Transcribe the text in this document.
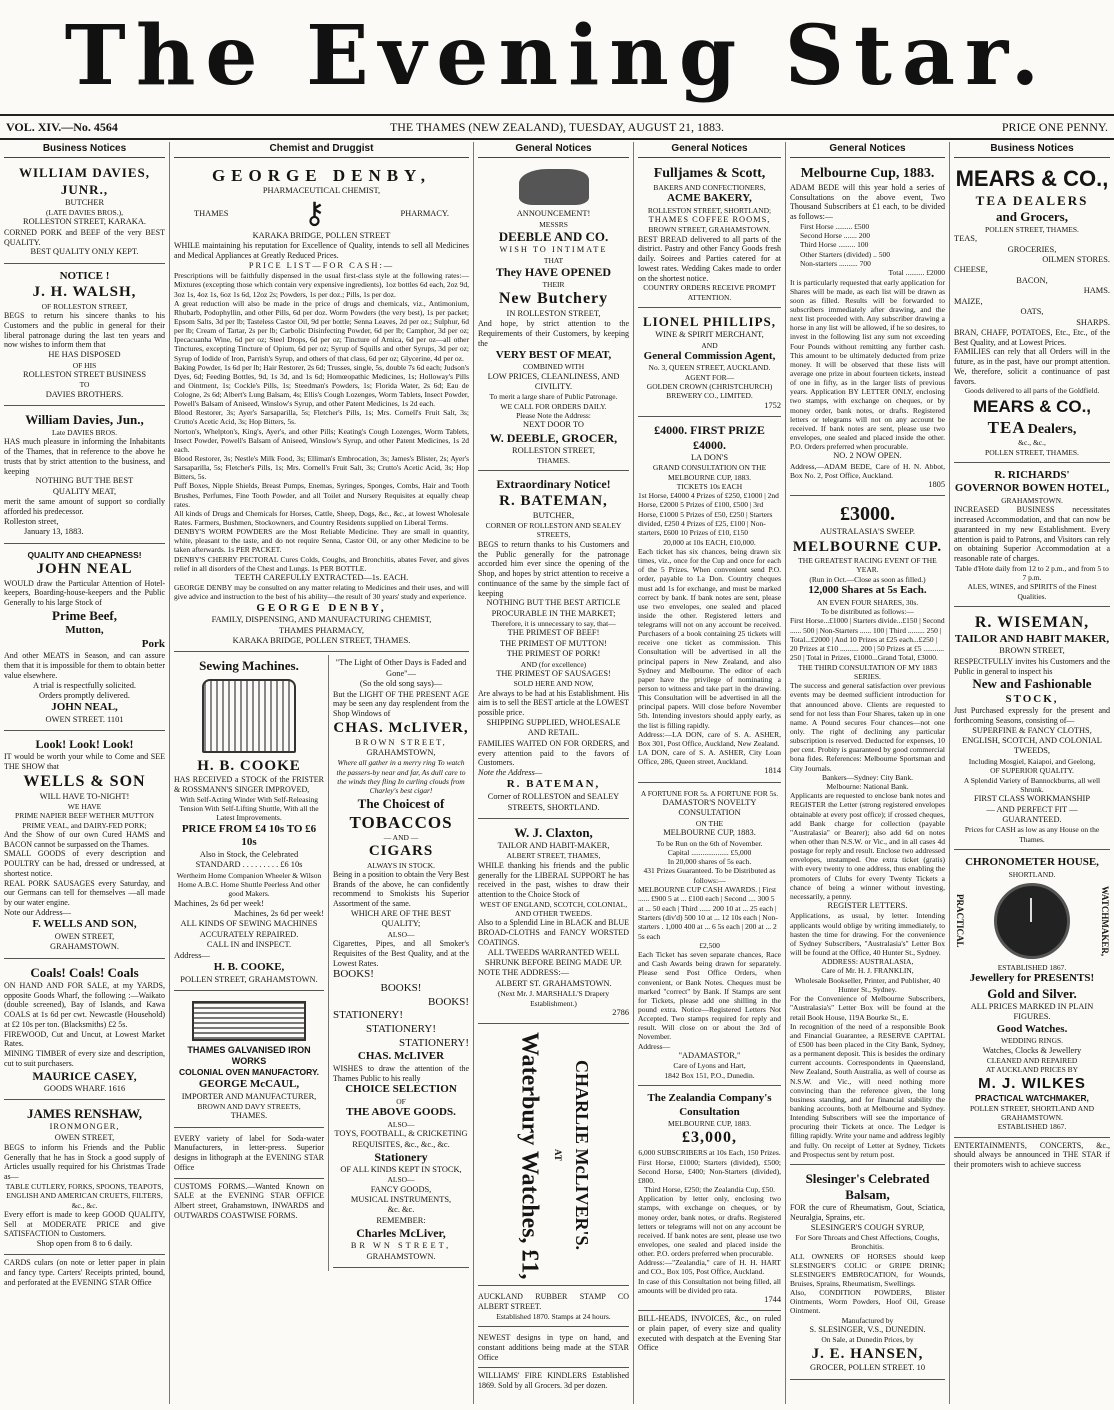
The Evening Star.
VOL. XIV.—No. 4564	THE THAMES (NEW ZEALAND), TUESDAY, AUGUST 21, 1883.	PRICE ONE PENNY.
Business Notices
WILLIAM DAVIES, JUNR.,
BUTCHER
(LATE DAVIES BROS.),
ROLLESTON STREET, KARAKA.
CORNED PORK and BEEF of the very BEST QUALITY.
BEST QUALITY ONLY KEPT.
NOTICE !
J. H. WALSH,
OF ROLLESTON STREET,
BEGS to return his sincere thanks to his Customers and the public in general for their liberal patronage during the last ten years and now wishes to inform them that
HE HAS DISPOSED
OF HIS
ROLLESTON STREET BUSINESS
TO
DAVIES BROTHERS.
William Davies, Jun.,
Late DAVIES BROS.
HAS much pleasure in informing the Inhabitants of the Thames, that in reference to the above he trusts that by strict attention to the business, and keeping
NOTHING BUT THE BEST
QUALITY MEAT,
merit the same amount of support so cordially afforded his predecessor.
Rolleston street,
January 13, 1883.
QUALITY AND CHEAPNESS!
JOHN NEAL
WOULD draw the Particular Attention of Hotel-keepers, Boarding-house-keepers and the Public Generally to his large Stock of
Prime Beef,
Mutton,
Pork
And other MEATS in Season, and can assure them that it is impossible for them to obtain better value elsewhere.
A trial is respectfully solicited.
Orders promptly delivered.
JOHN NEAL,
OWEN STREET. 1101
Look! Look! Look!
IT would be worth your while to Come and SEE THE SHOW that
WELLS & SON
WILL HAVE TO-NIGHT!
WE HAVE
PRIME NAPIER BEEF WETHER MUTTON PRIME VEAL, and DAIRY-FED PORK;
And the Show of our own Cured HAMS and BACON cannot be surpassed on the Thames.
SMALL GOODS of every description and POULTRY can be had, dressed or undressed, at shortest notice.
REAL PORK SAUSAGES every Saturday, and our Germans can tell for themselves —all made by our water engine.
Note our Address—
F. WELLS AND SON,
OWEN STREET,
GRAHAMSTOWN.
Coals! Coals! Coals
ON HAND AND FOR SALE, at my YARDS, opposite Goods Wharf, the following :—Waikato (double screened), Bay of Islands, and Kawa COALS at 1s 6d per cwt. Newcastle (Household) at £2 10s per ton. (Blacksmiths) £2 5s.
FIREWOOD, Cut and Uncut, at Lowest Market Rates.
MINING TIMBER of every size and description, cut to suit purchasers.
MAURICE CASEY,
GOODS WHARF. 1616
JAMES RENSHAW,
IRONMONGER,
OWEN STREET,
BEGS to inform his Friends and the Public Generally that he has in Stock a good supply of Articles usually required for his Christmas Trade as—
TABLE CUTLERY, FORKS, SPOONS, TEAPOTS, ENGLISH AND AMERICAN CRUETS, FILTERS, &c., &c.
Every effort is made to keep GOOD QUALITY, Sell at MODERATE PRICE and give SATISFACTION to Customers.
Shop open from 8 to 6 daily.
CARDS culars (on note or letter paper in plain and fancy type. Carters' Receipts printed, bound, and perforated at the EVENING STAR Office
Chemist and Druggist
GEORGE DENBY,
PHARMACEUTICAL CHEMIST,
THAMES	⚷	PHARMACY.
KARAKA BRIDGE, POLLEN STREET
WHILE maintaining his reputation for Excellence of Quality, intends to sell all Medicines and Medical Appliances at Greatly Reduced Prices.
PRICE LIST—FOR CASH:—
Prescriptions will be faithfully dispensed in the usual first-class style at the following rates:—Mixtures (excepting those which contain very expensive ingredients), 1oz bottles 6d each, 2oz 9d, 3oz 1s, 4oz 1s, 6oz 1s 6d, 12oz 2s; Powders, 1s per doz.; Pills, 1s per doz.
A great reduction will also be made in the price of drugs and chemicals, viz., Antimonium, Rhubarb, Podophyllin, and other Pills, 6d per doz. Worm Powders (the very best), 1s per packet; Epsom Salts, 3d per lb; Tasteless Castor Oil, 9d per bottle; Senna Leaves, 2d per oz.; Sulphur, 6d per lb; Cream of Tartar, 2s per lb; Carbolic Disinfecting Powder, 6d per lb; Camphor, 3d per oz; Ipecacuanha Wine, 6d per oz; Steel Drops, 6d per oz; Tincture of Arnica, 6d per oz—all other Tinctures, excepting Tincture of Opium, 6d per oz; Syrup of Squills and other Syrups, 3d per oz; Syrup of Iodide of Iron, Parrish's Syrup, and others of that class, 6d per oz; Glycerine, 4d per oz.
Baking Powder, 1s 6d per lb; Hair Restorer, 2s 6d; Trusses, single, 5s, double 7s 6d each; Judson's Dyes, 6d; Feeding Bottles, 9d, 1s 3d, and 1s 6d; Homœopathic Medicines, 1s; Holloway's Pills and Ointment, 1s; Cockle's Pills, 1s; Steedman's Powders, 1s; Florida Water, 2s 6d; Eau de Cologne, 2s 6d; Albert's Lung Balsam, 4s; Ellis's Cough Lozenges, Worm Tablets, Insect Powder, Powell's Balsam of Aniseed, Winslow's Syrup, and other Patent Medicines, 1s 2d each.
Blood Restorer, 3s; Ayer's Sarsaparilla, 5s; Fletcher's Pills, 1s; Mrs. Cornell's Fruit Salt, 3s; Crutto's Acetic Acid, 3s; Hop Bitters, 5s.
Norton's, Whelpton's, King's, Ayer's, and other Pills; Keating's Cough Lozenges, Worm Tablets, Insect Powder, Powell's Balsam of Aniseed, Winslow's Syrup, and other Patent Medicines, 1s 2d each.
Blood Restorer, 3s; Nestle's Milk Food, 3s; Elliman's Embrocation, 3s; James's Blister, 2s; Ayer's Sarsaparilla, 5s; Fletcher's Pills, 1s; Mrs. Cornell's Fruit Salt, 3s; Crutto's Acetic Acid, 3s; Hop Bitters, 5s.
Puff Boxes, Nipple Shields, Breast Pumps, Enemas, Syringes, Sponges, Combs, Hair and Tooth Brushes, Perfumes, Fine Tooth Powder, and all Toilet and Nursery Requisites at equally cheap rates.
All kinds of Drugs and Chemicals for Horses, Cattle, Sheep, Dogs, &c., &c., at lowest Wholesale Rates. Farmers, Bushmen, Stockowners, and Country Residents supplied on Liberal Terms.
DENBY'S WORM POWDERS are the Most Reliable Medicine. They are small in quantity, white, pleasant to the taste, and do not require Senna, Castor Oil, or any other Medicine to be taken afterwards. 1s PER PACKET.
DENBY'S CHERRY PECTORAL Cures Colds, Coughs, and Bronchitis, abates Fever, and gives relief in all disorders of the Chest and Lungs. 1s PER BOTTLE.
TEETH CAREFULLY EXTRACTED—1s. EACH.
GEORGE DENBY may be consulted on any matter relating to Medicines and their uses, and will give advice and instruction to the best of his ability—the result of 30 years' study and experience.
GEORGE DENBY,
FAMILY, DISPENSING, AND MANUFACTURING CHEMIST,
THAMES PHARMACY,
KARAKA BRIDGE, POLLEN STREET, THAMES.
Sewing Machines.
H. B. COOKE
HAS RECEIVED a STOCK of the FRISTER & ROSSMANN'S SINGER IMPROVED,
With Self-Acting Winder With Self-Releasing Tension With Self-Lifting Shuttle, With all the Latest Improvements.
PRICE FROM £4 10s TO £6 10s
Also in Stock, the Celebrated
STANDARD . . . . . . . . . £6 10s
Wertheim Home Companion Wheeler & Wilson Home A.B.C. Home Shuttle Peerless And other good Makers.
Machines, 2s 6d per week!
Machines, 2s 6d per week!
ALL KINDS OF SEWING MACHINES ACCURATELY REPAIRED.
CALL IN and INSPECT.
Address—
H. B. COOKE,
POLLEN STREET, GRAHAMSTOWN.
THAMES GALVANISED IRON WORKS
COLONIAL OVEN MANUFACTORY.
GEORGE McCAUL,
IMPORTER AND MANUFACTURER,
BROWN AND DAVY STREETS,
THAMES.
EVERY variety of label for Soda-water Manufacturers, in letter-press. Superior designs in lithograph at the EVENING STAR Office
CUSTOMS FORMS.—Wanted Known on SALE at the EVENING STAR OFFICE Albert street, Grahamstown, INWARDS and OUTWARDS COASTWISE FORMS.
"The Light of Other Days is Faded and Gone"—
(So the old song says)—
But the LIGHT OF THE PRESENT AGE may be seen any day resplendent from the Shop Windows of
CHAS. McLIVER,
BROWN STREET,
GRAHAMSTOWN,
Where all gather in a merry ring To watch the passers-by near and far, As dull care to the winds they fling In curling clouds from Charley's best cigar!
The Choicest of
TOBACCOS
— AND —
CIGARS
ALWAYS IN STOCK.
Being in a position to obtain the Very Best Brands of the above, he can confidently recommend to Smokists his Superior Assortment of the same.
WHICH ARE OF THE BEST QUALITY;
ALSO—
Cigarettes, Pipes, and all Smoker's Requisites of the Best Quality, and at the Lowest Rates.
BOOKS!
BOOKS!
BOOKS!
STATIONERY!
STATIONERY!
STATIONERY!
CHAS. McLIVER
WISHES to draw the attention of the Thames Public to his really
CHOICE SELECTION
OF
THE ABOVE GOODS.
ALSO—
TOYS, FOOTBALL, & CRICKETING REQUISITES, &c., &c., &c.
Stationery
OF ALL KINDS KEPT IN STOCK,
ALSO—
FANCY GOODS,
MUSICAL INSTRUMENTS,
&c. &c.
REMEMBER:
Charles McLiver,
BR WN STREET,
GRAHAMSTOWN.
General Notices
ANNOUNCEMENT!
MESSRS
DEEBLE AND CO.
WISH TO INTIMATE
THAT
They HAVE OPENED
THEIR
New Butchery
IN ROLLESTON STREET,
And hope, by strict attention to the Requirements of their Customers, by keeping the
VERY BEST OF MEAT,
COMBINED WITH
LOW PRICES, CLEANLINESS, AND CIVILITY.
To merit a large share of Public Patronage.
WE CALL FOR ORDERS DAILY.
Please Note the Address:
NEXT DOOR TO
W. DEEBLE, GROCER,
ROLLESTON STREET,
THAMES.
Extraordinary Notice!
R. BATEMAN,
BUTCHER,
CORNER OF ROLLESTON AND SEALEY STREETS,
BEGS to return thanks to his Customers and the Public generally for the patronage accorded him ever since the opening of the Shop, and hopes by strict attention to receive a continuance of the same by the simple fact of keeping
NOTHING BUT THE BEST ARTICLE PROCURABLE IN THE MARKET;
Therefore, it is unnecessary to say, that—
THE PRIMEST OF BEEF!
THE PRIMEST OF MUTTON!
THE PRIMEST OF PORK!
AND (for excellence)
THE PRIMEST OF SAUSAGES!
SOLD HERE AND NOW,
Are always to be had at his Establishment. His aim is to sell the BEST article at the LOWEST possible price.
SHIPPING SUPPLIED, WHOLESALE AND RETAIL.
FAMILIES WAITED ON FOR ORDERS, and every attention paid to the favors of Customers.
Note the Address—
R. BATEMAN,
Corner of ROLLESTON and SEALEY STREETS, SHORTLAND.
W. J. Claxton,
TAILOR AND HABIT-MAKER,
ALBERT STREET, THAMES,
WHILE thanking his friends and the public generally for the LIBERAL SUPPORT he has received in the past, wishes to draw their attention to the Choice Stock of
WEST OF ENGLAND, SCOTCH, COLONIAL, AND OTHER TWEEDS.
Also to a Splendid Line in BLACK and BLUE BROAD-CLOTHS and FANCY WORSTED COATINGS.
ALL TWEEDS WARRANTED WELL SHRUNK BEFORE BEING MADE UP.
NOTE THE ADDRESS:—
ALBERT ST. GRAHAMSTOWN.
(Next Mr. J. MARSHALL'S Drapery Establishment.)
2786
Waterbury Watches, £1, AT CHARLIE McLIVER'S.
AUCKLAND RUBBER STAMP CO ALBERT STREET.
Established 1870. Stamps at 24 hours.
NEWEST designs in type on hand, and constant additions being made at the STAR Office
WILLIAMS' FIRE KINDLERS Established 1869. Sold by all Grocers. 3d per dozen.
General Notices
Fulljames & Scott,
BAKERS AND CONFECTIONERS,
ACME BAKERY,
ROLLESTON STREET, SHORTLAND;
THAMES COFFEE ROOMS,
BROWN STREET, GRAHAMSTOWN.
BEST BREAD delivered to all parts of the district. Pastry and other Fancy Goods fresh daily. Soirees and Parties catered for at lowest rates. Wedding Cakes made to order on the shortest notice.
COUNTRY ORDERS RECEIVE PROMPT ATTENTION.
LIONEL PHILLIPS,
WINE & SPIRIT MERCHANT,
AND
General Commission Agent,
No. 3, QUEEN STREET, AUCKLAND.
AGENT FOR—
GOLDEN CROWN (CHRISTCHURCH) BREWERY CO., LIMITED.
1752
£4000. FIRST PRIZE £4000.
LA DON'S
GRAND CONSULTATION ON THE MELBOURNE CUP, 1883.
TICKETS 10s EACH
1st Horse, £4000 4 Prizes of £250, £1000 | 2nd Horse, £2000 5 Prizes of £100, £500 | 3rd Horse, £1000 5 Prizes of £50, £250 | Starters divided, £250 4 Prizes of £25, £100 | Non-starters, £600 10 Prizes of £10, £150
20,000 at 10s EACH, £10,000.
Each ticket has six chances, being drawn six times, viz., once for the Cup and once for each of the 5 Prizes. When convenient send P.O. order, payable to La Don. Country cheques must add 1s for exchange, and must be marked correct by bank. If bank notes are sent, please use two envelopes, one sealed and placed inside the other. Registered letters and telegrams will not on any account be received. Purchasers of a book containing 25 tickets will receive one ticket as commission. This Consultation will be advertised in all the principal papers in New Zealand, and also Sydney and Melbourne. The editor of each paper have the privilege of nominating a person to witness and take part in the drawing. This Consultation will be advertised in all the principal papers. Will close before November 5th. Intending investors should apply early, as the list is filling rapidly.
Address:—LA DON, care of S. A. ASHER, Box 301, Post Office, Auckland, New Zealand.
LA DON, care of S. A. ASHER, City Loan Office, 286, Queen street, Auckland.
1814
A FORTUNE FOR 5s. A FORTUNE FOR 5s.
DAMASTOR'S NOVELTY CONSULTATION
ON THE
MELBOURNE CUP, 1883.
To be Run on the 6th of November.
Capital .................... £5,000
In 20,000 shares of 5s each.
431 Prizes Guaranteed. To be Distributed as follows:—
MELBOURNE CUP CASH AWARDS. | First ...... £900 5 at ... £100 each | Second .... 300 5 at ... 50 each | Third ...... 200 10 at ... 25 each | Starters (div'd) 500 10 at ... 12 10s each | Non-starters . 1,000 400 at ... 6 5s each | 200 at ... 2 5s each
£2,500
Each Ticket has seven separate chances, Race and Cash Awards being drawn for separately. Please send Post Office Orders, when convenient, or Bank Notes. Cheques must be marked "correct" by Bank. If Stamps are sent for Tickets, please add one shilling in the pound extra. Notice—Registered Letters Not Accepted. Two stamps required for reply and result. Will close on or about the 3rd of November.
Address—
"ADAMASTOR,"
Care of Lyons and Hart,
1842 Box 151, P.O., Dunedin.
The Zealandia Company's Consultation
MELBOURNE CUP, 1883.
£3,000,
6,000 SUBSCRIBERS at 10s Each, 150 Prizes.
First Horse, £1000; Starters (divided), £500; Second Horse, £400; Non-Starters (divided), £800.
Third Horse, £250; the Zealandia Cup, £50.
Application by letter only, enclosing two stamps, with exchange on cheques, or by money order, bank notes, or drafts. Registered letters or telegrams will not on any account be received. If bank notes are sent, please use two envelopes, one sealed and placed inside the other. P.O. orders preferred when procurable.
Address:—"Zealandia," care of H. H. HART and CO., Box 105, Post Office, Auckland.
In case of this Consultation not being filled, all amounts will be divided pro rata.
1744
BILL-HEADS, INVOICES, &c., on ruled or plain paper, of every size and quality executed with despatch at the Evening Star Office
General Notices
Melbourne Cup, 1883.
ADAM BEDE will this year hold a series of Consultations on the above event, Two Thousand Subscribers at £1 each, to be divided as follows:—
First Horse ......... £500
Second Horse ....... 200
Third Horse ......... 100
Other Starters (divided) .. 500
Non-starters .......... 700
Total .......... £2000
It is particularly requested that early application for Shares will be made, as each list will be drawn as soon as filled. Results will be forwarded to subscribers immediately after drawing, and the next list proceeded with. Any subscriber drawing a horse in any list will be allowed, if he so desires, to invest in the following list any sum not exceeding Four Pounds without remitting any further cash. This amount to be ultimately deducted from prize money. It will be observed that these lists will average one prize in about fourteen tickets, instead of one in fifty, as in the larger lists of previous years. Application BY LETTER ONLY, enclosing two stamps, with exchange on cheques, or by money order, bank notes, or drafts. Registered letters or telegrams will not on any account be received. If bank notes are sent, please use two envelopes, one sealed and placed inside the other. P.O. Orders preferred when procurable.
NO. 2 NOW OPEN.
Address,—ADAM BEDE, Care of H. N. Abbot, Box No. 2, Post Office, Auckland.
1805
£3000.
AUSTRALASIA'S SWEEP.
MELBOURNE CUP.
THE GREATEST RACING EVENT OF THE YEAR.
(Run in Oct.—Close as soon as filled.)
12,000 Shares at 5s Each.
AN EVEN FOUR SHARES, 30s.
To be distributed as follows:—
First Horse...£1000 | Starters divide...£150 | Second ...... 500 | Non-Starters ...... 100 | Third ......... 250 | Total...£2000 | And 10 Prizes at £25 each...£250 | 20 Prizes at £10 .......... 200 | 50 Prizes at £5 ........... 250 | Total in Prizes, £1000...Grand Total, £3000.
THE THIRD CONSULTATION OF MY 1883 SERIES.
The success and general satisfaction over previous events may be deemed sufficient introduction for that announced above. Clients are requested to send for not less than Four Shares, taken up in one name. A Pound secures Four chances—not one only. The right of declining any particular subscription is reserved. Deducted for expenses, 10 per cent. Probity is guaranteed by good commercial bona fides. References: Melbourne Sportsman and City Journals.
Bankers—Sydney: City Bank.
Melbourne: National Bank.
Applicants are requested to enclose bank notes and REGISTER the Letter (strong registered envelopes obtainable at every post office); if crossed cheques, add Bank charge for collection (payable "Australasia" or Bearer); also add 6d on notes when other than N.S.W. or Vic., and in all cases 4d postage for reply and result. Enclose two addressed envelopes, unstamped. One extra ticket (gratis) with every twenty to one address, thus enabling the promoters of Clubs for every Twenty Tickets a chance of being a winner without investing, necessarily, a penny.
REGISTER LETTERS.
Applications, as usual, by letter. Intending applicants would oblige by writing immediately, to hasten the time for drawing. For the convenience of Sydney Subscribers, "Australasia's" Letter Box will be found at the Office, 40 Hunter St., Sydney.
ADDRESS: AUSTRALASIA,
Care of Mr. H. J. FRANKLIN,
Wholesale Bookseller, Printer, and Publisher, 40 Hunter St., Sydney.
For the Convenience of Melbourne Subscribers, "Australasia's" Letter Box will be found at the retail Book House, 119A Bourke St., E.
In recognition of the need of a responsible Book and Financial Guarantee, a RESERVE CAPITAL of £500 has been placed in the City Bank, Sydney, as a permanent deposit. This is besides the ordinary current accounts. Correspondents in Queensland, New Zealand, South Australia, as well of course as N.S.W. and Vic., will need nothing more convincing than the reference given, the long business standing, and for financial stability the banking accounts, both at Melbourne and Sydney. Intending Subscribers will see the importance of procuring their Tickets at once. The Ledger is filling rapidly. Write your name and address legibly and fully. On receipt of Letter at Sydney, Tickets and Prospectus sent by return post.
Slesinger's Celebrated Balsam,
FOR the cure of Rheumatism, Gout, Sciatica, Neuralgia, Sprains, etc.
SLESINGER'S COUGH SYRUP,
For Sore Throats and Chest Affections, Coughs, Bronchitis.
ALL OWNERS OF HORSES should keep SLESINGER'S COLIC or GRIPE DRINK; SLESINGER'S EMBROCATION, for Wounds, Bruises, Sprains, Rheumatism, Swellings.
Also, CONDITION POWDERS, Blister Ointments, Worm Powders, Hoof Oil, Grease Ointment.
Manufactured by
S. SLESINGER, V.S., DUNEDIN.
On Sale, at Dunedin Prices, by
J. E. HANSEN,
GROCER, POLLEN STREET. 10
Business Notices
MEARS & CO.,
TEA DEALERS
and Grocers,
POLLEN STREET, THAMES.
TEAS,
GROCERIES,
OILMEN STORES.
CHEESE,
BACON,
HAMS.
MAIZE,
OATS,
SHARPS.
BRAN, CHAFF, POTATOES, Etc., Etc., of the Best Quality, and at Lowest Prices.
FAMILIES can rely that all Orders will in the future, as in the past, have our prompt attention. We, therefore, solicit a continuance of past favors.
Goods delivered to all parts of the Goldfield.
MEARS & CO.,
TEA Dealers,
&c., &c.,
POLLEN STREET, THAMES.
R. RICHARDS'
GOVERNOR BOWEN HOTEL,
GRAHAMSTOWN.
INCREASED BUSINESS necessitates increased Accommodation, and that can now be guaranteed in my new Establishment. Every attention is paid to Patrons, and Visitors can rely on obtaining Superior Accommodation at a reasonable rate of charges.
Table d'Hote daily from 12 to 2 p.m., and from 5 to 7 p.m.
ALES, WINES, and SPIRITS of the Finest Qualities.
R. WISEMAN,
TAILOR AND HABIT MAKER,
BROWN STREET,
RESPECTFULLY invites his Customers and the Public in general to inspect his
New and Fashionable
STOCK,
Just Purchased expressly for the present and forthcoming Seasons, consisting of—
SUPERFINE & FANCY CLOTHS, ENGLISH, SCOTCH, AND COLONIAL TWEEDS,
Including Mosgiel, Kaiapoi, and Geelong,
OF SUPERIOR QUALITY.
A Splendid Variety of Bannockburns, all well Shrunk.
FIRST CLASS WORKMANSHIP
— AND PERFECT FIT —
GUARANTEED.
Prices for CASH as low as any House on the Thames.
CHRONOMETER HOUSE,
SHORTLAND.
PRACTICAL	WATCHMAKER,
ESTABLISHED 1867.
Jewellery for PRESENTS!
Gold and Silver.
ALL PRICES MARKED IN PLAIN FIGURES.
Good Watches.
WEDDING RINGS.
Watches, Clocks & Jewellery
CLEANED AND REPAIRED
AT AUCKLAND PRICES BY
M. J. WILKES
PRACTICAL WATCHMAKER,
POLLEN STREET, SHORTLAND AND GRAHAMSTOWN.
ESTABLISHED 1867.
ENTERTAINMENTS, CONCERTS, &c., should always be announced in THE STAR if their promoters wish to achieve success
